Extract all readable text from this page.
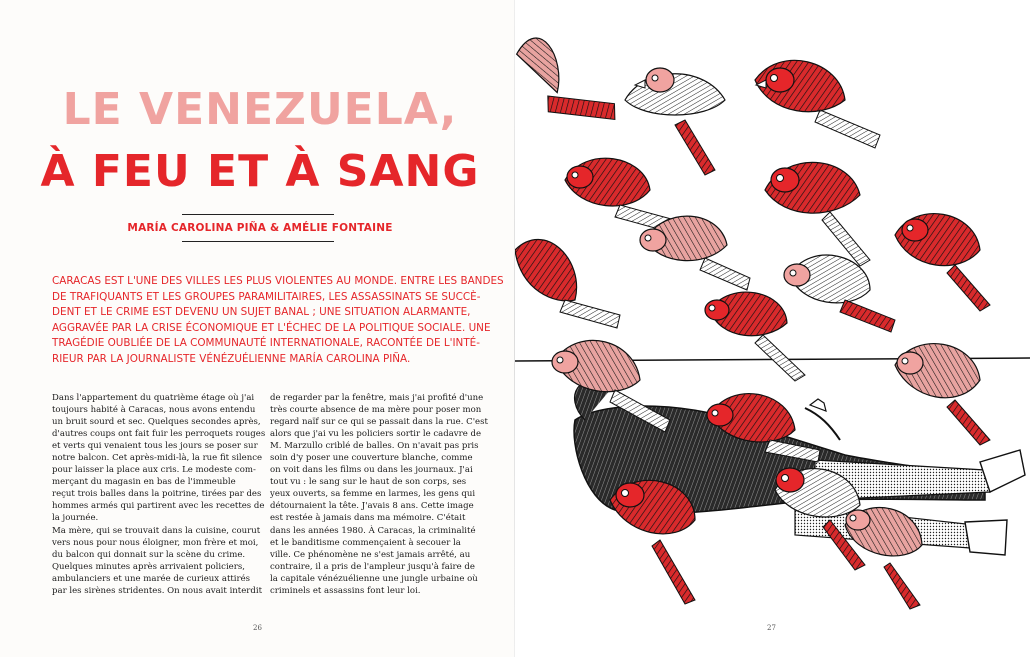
LE VENEZUELA,
À FEU ET À SANG
MARÍA CAROLINA PIÑA & AMÉLIE FONTAINE

CARACAS EST L'UNE DES VILLES LES PLUS VIOLENTES AU MONDE. ENTRE LES BANDES
DE TRAFIQUANTS ET LES GROUPES PARAMILITAIRES, LES ASSASSINATS SE SUCCÈ-
DENT ET LE CRIME EST DEVENU UN SUJET BANAL ; UNE SITUATION ALARMANTE,
AGGRAVÉE PAR LA CRISE ÉCONOMIQUE ET L'ÉCHEC DE LA POLITIQUE SOCIALE. UNE
TRAGÉDIE OUBLIÉE DE LA COMMUNAUTÉ INTERNATIONALE, RACONTÉE DE L'INTÉ-
RIEUR PAR LA JOURNALISTE VÉNÉZUÉLIENNE MARÍA CAROLINA PIÑA.

Dans l'appartement du quatrième étage où j'ai
toujours habité à Caracas, nous avons entendu
un bruit sourd et sec. Quelques secondes après,
d'autres coups ont fait fuir les perroquets rouges
et verts qui venaient tous les jours se poser sur
notre balcon. Cet après-midi-là, la rue fit silence
pour laisser la place aux cris. Le modeste com-
merçant du magasin en bas de l'immeuble
reçut trois balles dans la poitrine, tirées par des
hommes armés qui partirent avec les recettes de
la journée.
Ma mère, qui se trouvait dans la cuisine, courut
vers nous pour nous éloigner, mon frère et moi,
du balcon qui donnait sur la scène du crime.
Quelques minutes après arrivaient policiers,
ambulanciers et une marée de curieux attirés
par les sirènes stridentes. On nous avait interdit

de regarder par la fenêtre, mais j'ai profité d'une
très courte absence de ma mère pour poser mon
regard naïf sur ce qui se passait dans la rue. C'est
alors que j'ai vu les policiers sortir le cadavre de
M. Marzullo criblé de balles. On n'avait pas pris
soin d'y poser une couverture blanche, comme
on voit dans les films ou dans les journaux. J'ai
tout vu : le sang sur le haut de son corps, ses
yeux ouverts, sa femme en larmes, les gens qui
détournaient la tête. J'avais 8 ans. Cette image
est restée à jamais dans ma mémoire. C'était
dans les années 1980. À Caracas, la criminalité
et le banditisme commençaient à secouer la
ville. Ce phénomène ne s'est jamais arrêté, au
contraire, il a pris de l'ampleur jusqu'à faire de
la capitale vénézuélienne une jungle urbaine où
criminels et assassins font leur loi.

26	27
